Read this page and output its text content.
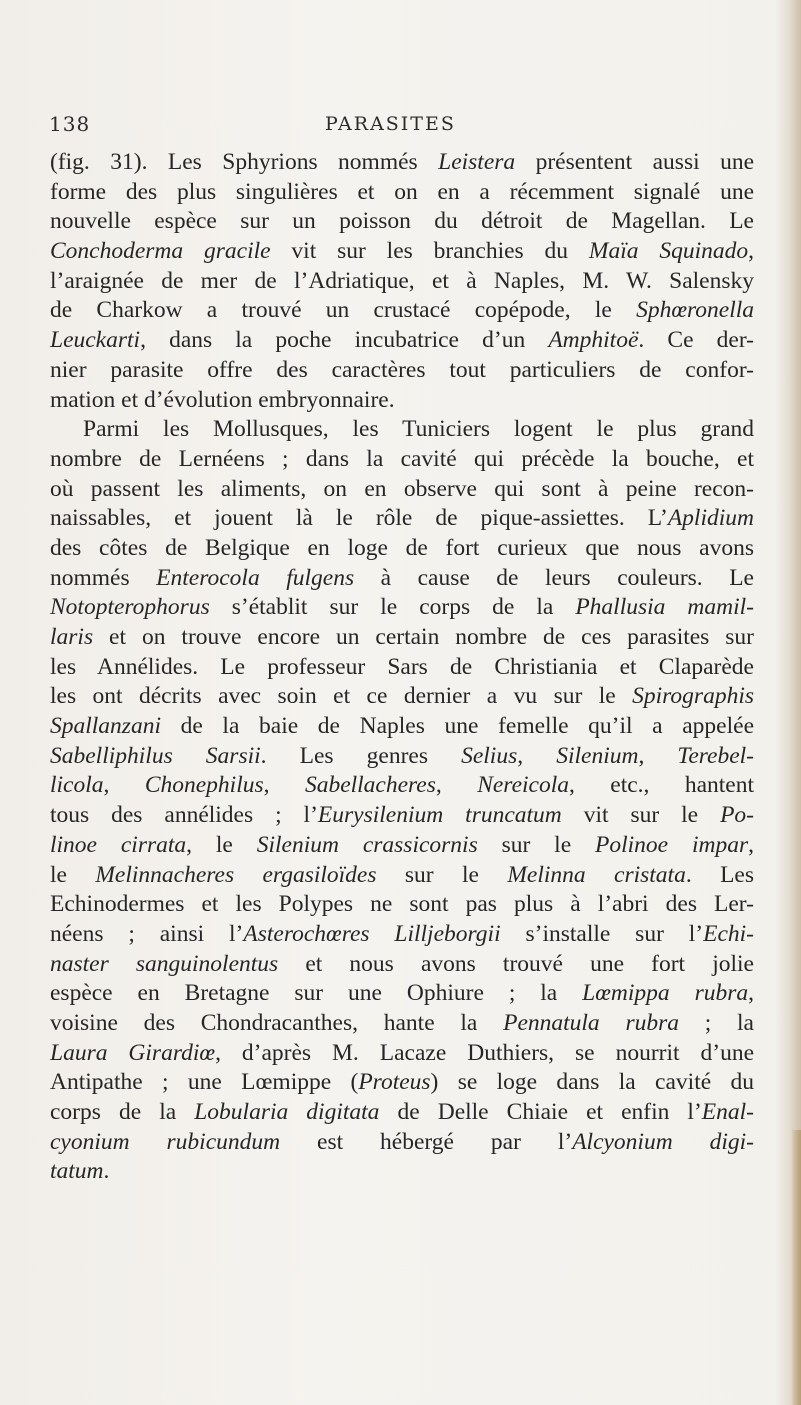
138	PARASITES
(fig. 31). Les Sphyrions nommés Leistera présentent aussi une
forme des plus singulières et on en a récemment signalé une
nouvelle espèce sur un poisson du détroit de Magellan. Le
Conchoderma gracile vit sur les branchies du Maïa Squinado,
l’araignée de mer de l’Adriatique, et à Naples, M. W. Salensky
de Charkow a trouvé un crustacé copépode, le Sphœronella
Leuckarti, dans la poche incubatrice d’un Amphitoë. Ce der-
nier parasite offre des caractères tout particuliers de confor-
mation et d’évolution embryonnaire.
Parmi les Mollusques, les Tuniciers logent le plus grand
nombre de Lernéens ; dans la cavité qui précède la bouche, et
où passent les aliments, on en observe qui sont à peine recon-
naissables, et jouent là le rôle de pique-assiettes. L’Aplidium
des côtes de Belgique en loge de fort curieux que nous avons
nommés Enterocola fulgens à cause de leurs couleurs. Le
Notopterophorus s’établit sur le corps de la Phallusia mamil-
laris et on trouve encore un certain nombre de ces parasites sur
les Annélides. Le professeur Sars de Christiania et Claparède
les ont décrits avec soin et ce dernier a vu sur le Spirographis
Spallanzani de la baie de Naples une femelle qu’il a appelée
Sabelliphilus Sarsii. Les genres Selius, Silenium, Terebel-
licola, Chonephilus, Sabellacheres, Nereicola, etc., hantent
tous des annélides ; l’Eurysilenium truncatum vit sur le Po-
linoe cirrata, le Silenium crassicornis sur le Polinoe impar,
le Melinnacheres ergasiloïdes sur le Melinna cristata. Les
Echinodermes et les Polypes ne sont pas plus à l’abri des Ler-
néens ; ainsi l’Asterochœres Lilljeborgii s’installe sur l’Echi-
naster sanguinolentus et nous avons trouvé une fort jolie
espèce en Bretagne sur une Ophiure ; la Lœmippa rubra,
voisine des Chondracanthes, hante la Pennatula rubra ; la
Laura Girardiœ, d’après M. Lacaze Duthiers, se nourrit d’une
Antipathe ; une Lœmippe (Proteus) se loge dans la cavité du
corps de la Lobularia digitata de Delle Chiaie et enfin l’Enal-
cyonium rubicundum est hébergé par l’Alcyonium digi-
tatum.
